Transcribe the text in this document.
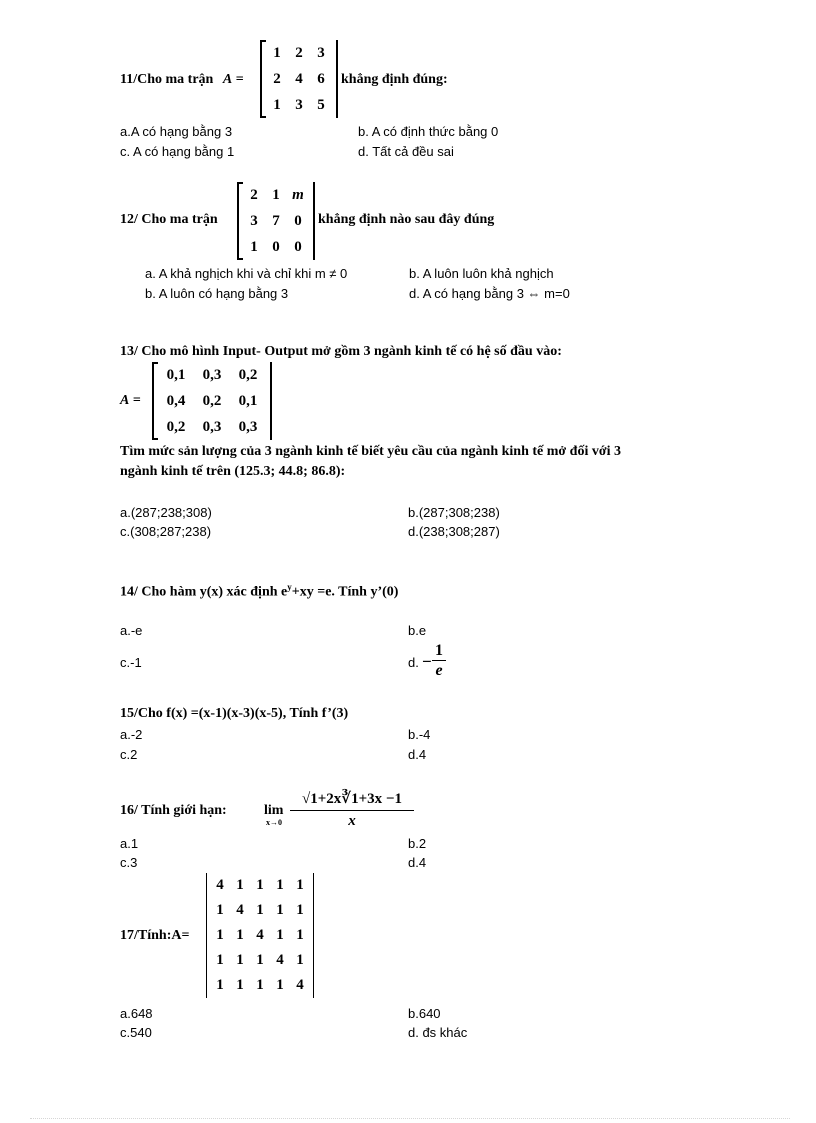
11/Cho ma trận A =
1 2 3
2 4 6
1 3 5
khẳng định đúng:
a.A có hạng bằng 3	b. A có định thức bằng 0
c. A có hạng bằng 1	d. Tất cả đều sai
12/ Cho ma trận
2 1 m
3 7 0
1 0 0
khẳng định nào sau đây đúng
a. A khả nghịch khi và chỉ khi m ≠ 0	b. A luôn luôn khả nghịch
b. A luôn có hạng bằng 3	d. A có hạng bằng 3 ⇔ m=0
13/ Cho mô hình Input- Output mở gồm 3 ngành kinh tế có hệ số đầu vào:
A =
0,1	0,3	0,2
0,4	0,2	0,1
0,2	0,3	0,3
Tìm mức sản lượng của 3 ngành kinh tế biết yêu cầu của ngành kinh tế mở đối với 3
ngành kinh tế trên (125.3; 44.8; 86.8):
a.(287;238;308)	b.(287;308;238)
c.(308;287;238)	d.(238;308;287)
14/ Cho hàm y(x) xác định $e^y+xy =e$. Tính y’(0)
a.-e	b.e
c.-1	d. − $\frac{1}{e}$
15/Cho f(x) =(x-1)(x-3)(x-5), Tính f’(3)
a.-2	b.-4
c.2	d.4
16/ Tính giới hạn:	lim
$x\to 0 \frac{√1+2x∛1+3x -1}{x}$
a.1	b.2
c.3	d.4
17/Tính:A=
4 1 1 1 1
1 4 1 1 1
1 1 4 1 1
1 1 1 4 1
1 1 1 1 4
a.648	b.640
c.540	d. đs khác
